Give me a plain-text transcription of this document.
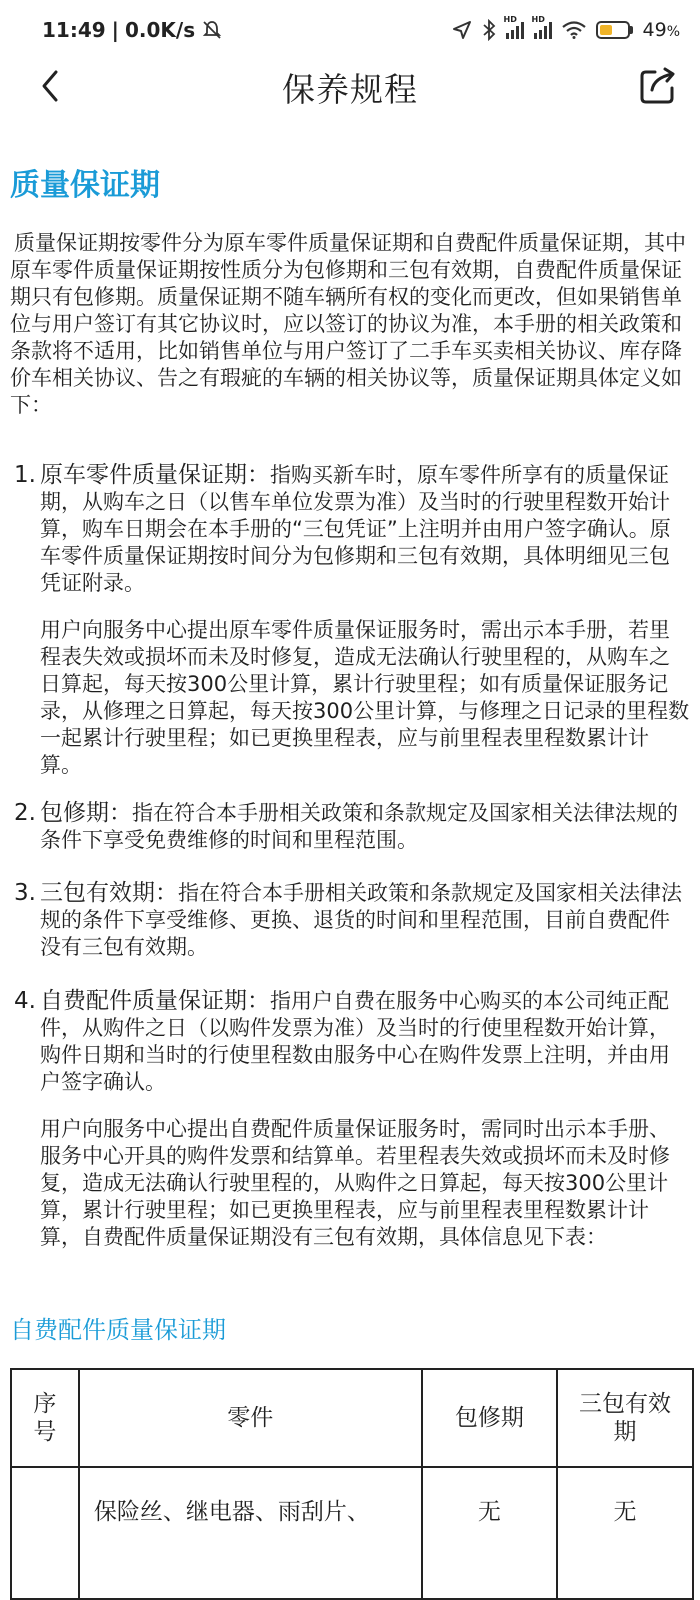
11:49 | 0.0K/s	HD HD	49%
保养规程
质量保证期

质量保证期按零件分为原车零件质量保证期和自费配件质量保证期，其中原车零件质量保证期按性质分为包修期和三包有效期，自费配件质量保证期只有包修期。质量保证期不随车辆所有权的变化而更改，但如果销售单位与用户签订有其它协议时，应以签订的协议为准，本手册的相关政策和条款将不适用，比如销售单位与用户签订了二手车买卖相关协议、库存降价车相关协议、告之有瑕疵的车辆的相关协议等，质量保证期具体定义如下：

1. 原车零件质量保证期：指购买新车时，原车零件所享有的质量保证期，从购车之日（以售车单位发票为准）及当时的行驶里程数开始计算，购车日期会在本手册的“三包凭证”上注明并由用户签字确认。原车零件质量保证期按时间分为包修期和三包有效期，具体明细见三包凭证附录。

用户向服务中心提出原车零件质量保证服务时，需出示本手册，若里程表失效或损坏而未及时修复，造成无法确认行驶里程的，从购车之日算起，每天按300公里计算，累计行驶里程；如有质量保证服务记录，从修理之日算起，每天按300公里计算，与修理之日记录的里程数一起累计行驶里程；如已更换里程表，应与前里程表里程数累计计算。

2. 包修期：指在符合本手册相关政策和条款规定及国家相关法律法规的条件下享受免费维修的时间和里程范围。
3. 三包有效期：指在符合本手册相关政策和条款规定及国家相关法律法规的条件下享受维修、更换、退货的时间和里程范围，目前自费配件没有三包有效期。
4. 自费配件质量保证期：指用户自费在服务中心购买的本公司纯正配件，从购件之日（以购件发票为准）及当时的行使里程数开始计算，购件日期和当时的行使里程数由服务中心在购件发票上注明，并由用户签字确认。

用户向服务中心提出自费配件质量保证服务时，需同时出示本手册、服务中心开具的购件发票和结算单。若里程表失效或损坏而未及时修复，造成无法确认行驶里程的，从购件之日算起，每天按300公里计算，累计行驶里程；如已更换里程表，应与前里程表里程数累计计算，自费配件质量保证期没有三包有效期，具体信息见下表：

自费配件质量保证期
序号	零件	包修期	三包有效期
	保险丝、继电器、雨刮片、	无	无
